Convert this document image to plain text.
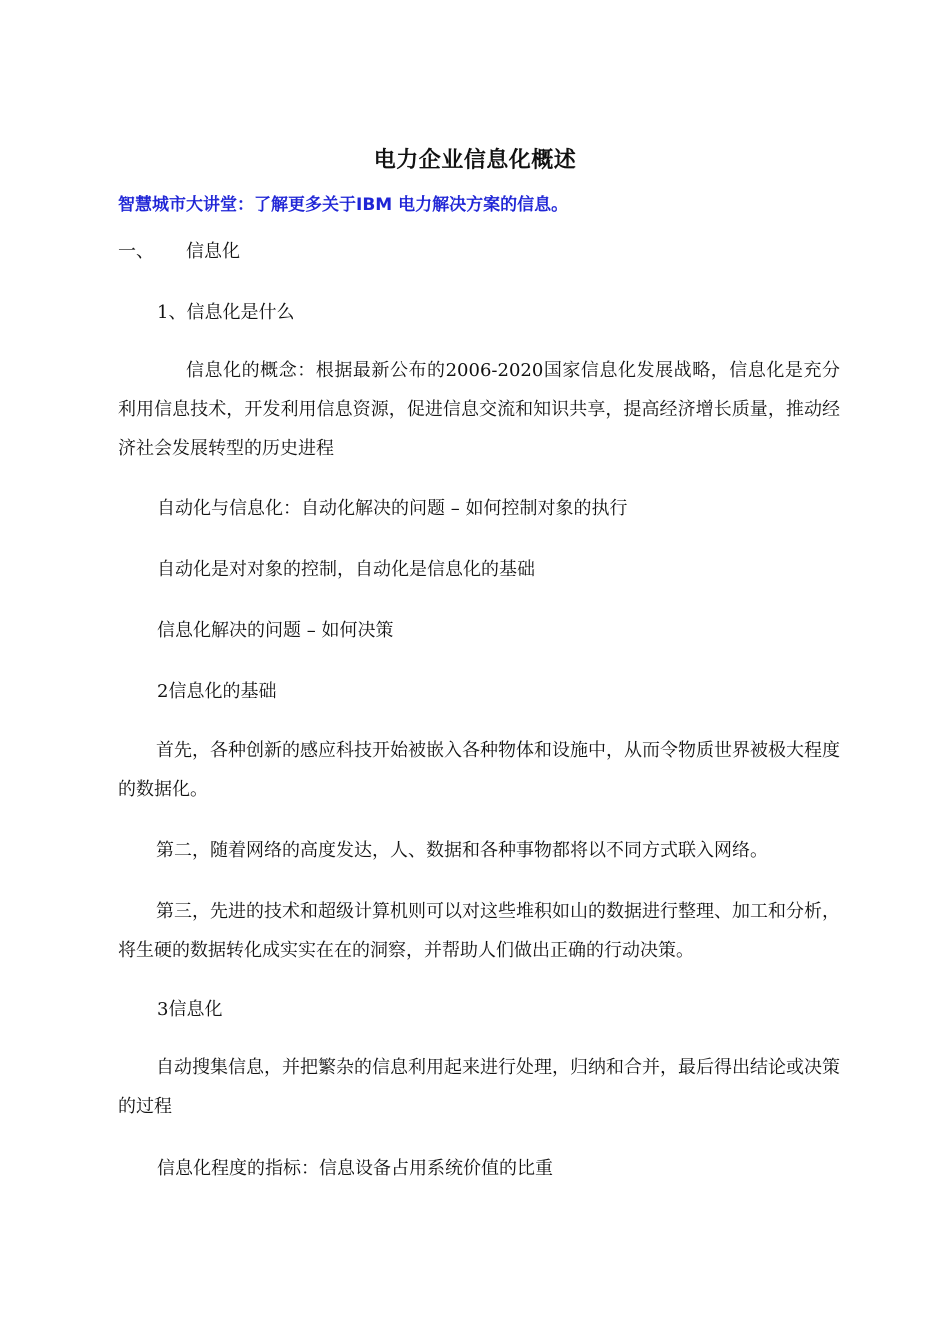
电力企业信息化概述
智慧城市大讲堂：了解更多关于IBM 电力解决方案的信息。
一、 信息化
1、信息化是什么
信息化的概念：根据最新公布的2006-2020国家信息化发展战略，信息化是充分利用信息技术，开发利用信息资源，促进信息交流和知识共享，提高经济增长质量，推动经济社会发展转型的历史进程
自动化与信息化：自动化解决的问题 – 如何控制对象的执行
自动化是对对象的控制，自动化是信息化的基础
信息化解决的问题 – 如何决策
2信息化的基础
首先，各种创新的感应科技开始被嵌入各种物体和设施中，从而令物质世界被极大程度的数据化。
第二，随着网络的高度发达，人、数据和各种事物都将以不同方式联入网络。
第三，先进的技术和超级计算机则可以对这些堆积如山的数据进行整理、加工和分析，将生硬的数据转化成实实在在的洞察，并帮助人们做出正确的行动决策。
3信息化
自动搜集信息，并把繁杂的信息利用起来进行处理，归纳和合并，最后得出结论或决策的过程
信息化程度的指标：信息设备占用系统价值的比重
